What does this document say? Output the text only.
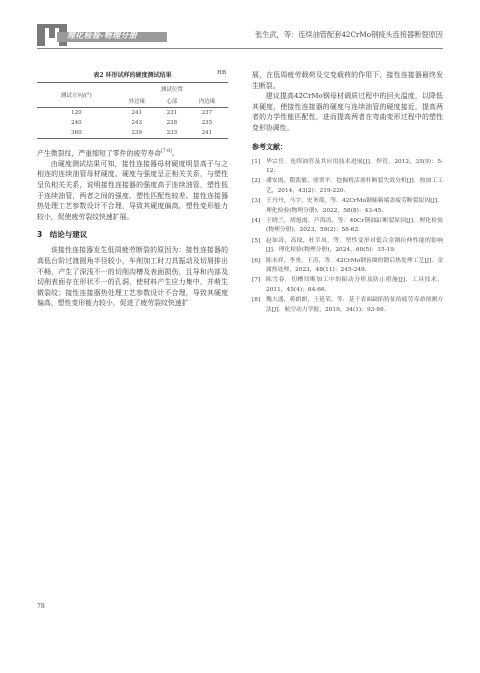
理化检验-物理分册	张生武，等：连续油管配套42CrMo钢接头连接器断裂原因
表2 环形试样的硬度测试结果	HB
测试方向/(°)	测试位置		
	外边缘	心部	内边缘
120	241	231	237
240	243	228	235
360	239	233	241

产生微裂纹，严重缩短了零件的疲劳寿命[7-8]。

由硬度测试结果可知，接性连接器母材硬度明显高于与之相连的连续油管母材硬度。硬度与强度呈正相关关系，与塑性呈负相关关系，说明接性连接器的强度高于连续油管，塑性低于连续油管，两者之间的强度、塑性匹配性较差。接性连接器热处理工艺参数设计不合理，导致其硬度偏高，塑性变形能力较小，促使疲劳裂纹快速扩展。

3　结论与建议

该接性连接器发生低周疲劳断裂的原因为：接性连接器的高低台阶过渡圆角半径较小，车削加工时刀具振动及切屑排出不畅，产生了深浅不一的切削沟槽及表面损伤，且导和内部及切削表面存在形状不一的孔洞，使材料产生应力集中，并萌生微裂纹；接性连接器热处理工艺参数设计不合理，导致其硬度偏高，塑性变形能力较小，促进了疲劳裂纹快速扩

展，在低周疲劳载荷及交变载荷的作用下，接性连接器最终发生断裂。

建议提高42CrMo钢母材调质过程中的回火温度，以降低其硬度，使接性连接器的硬度与连续油管的硬度接近，提高两者的力学性能匹配性，进而提高两者在弯曲变形过程中的塑性变形协调性。

参考文献：
[1] 毕宗岳．连续油管及其应用技术进展[J]．焊管，2012，35(9)：5-12.
[2] 潘安霞，隋凯敏，徐翠平．挖掘机活塞杆断裂失效分析[J]．热加工工艺，2014，43(2)：219-220.
[3] 王丹丹，马宇，史务蔑，等．42CrMo钢轴箱端盖疲劳断裂原因[J]．理化检验(物理分册)，2022，58(8)：43-45.
[4] 王晓兰，胡旭霞，芦海涛，等．40Cr钢油缸断裂原因[J]．理化检验(物理分册)，2023，59(2)：58-62.
[5] 赵如涛，高琛，杜幸凤，等．塑性变形对低合金钢拉伸性能的影响[J]．理化检验(物理分册)，2024，60(5)：15-19.
[6] 陈未祥，李勇，王涛，等．42CrMo钢齿圈的锻后热处理工艺[J]．金属热处理，2023，48(11)：245-249.
[7] 陈雪春．切槽切断加工中的振动分析及防止措施[J]．工具技术，2011，45(4)：64-66.
[8] 魏大盛，蒋朗朗，王延荣，等．基于表面缺陷特征的疲劳寿命预测方法[J]．航空动力学报，2019，34(1)：93-98.
78
